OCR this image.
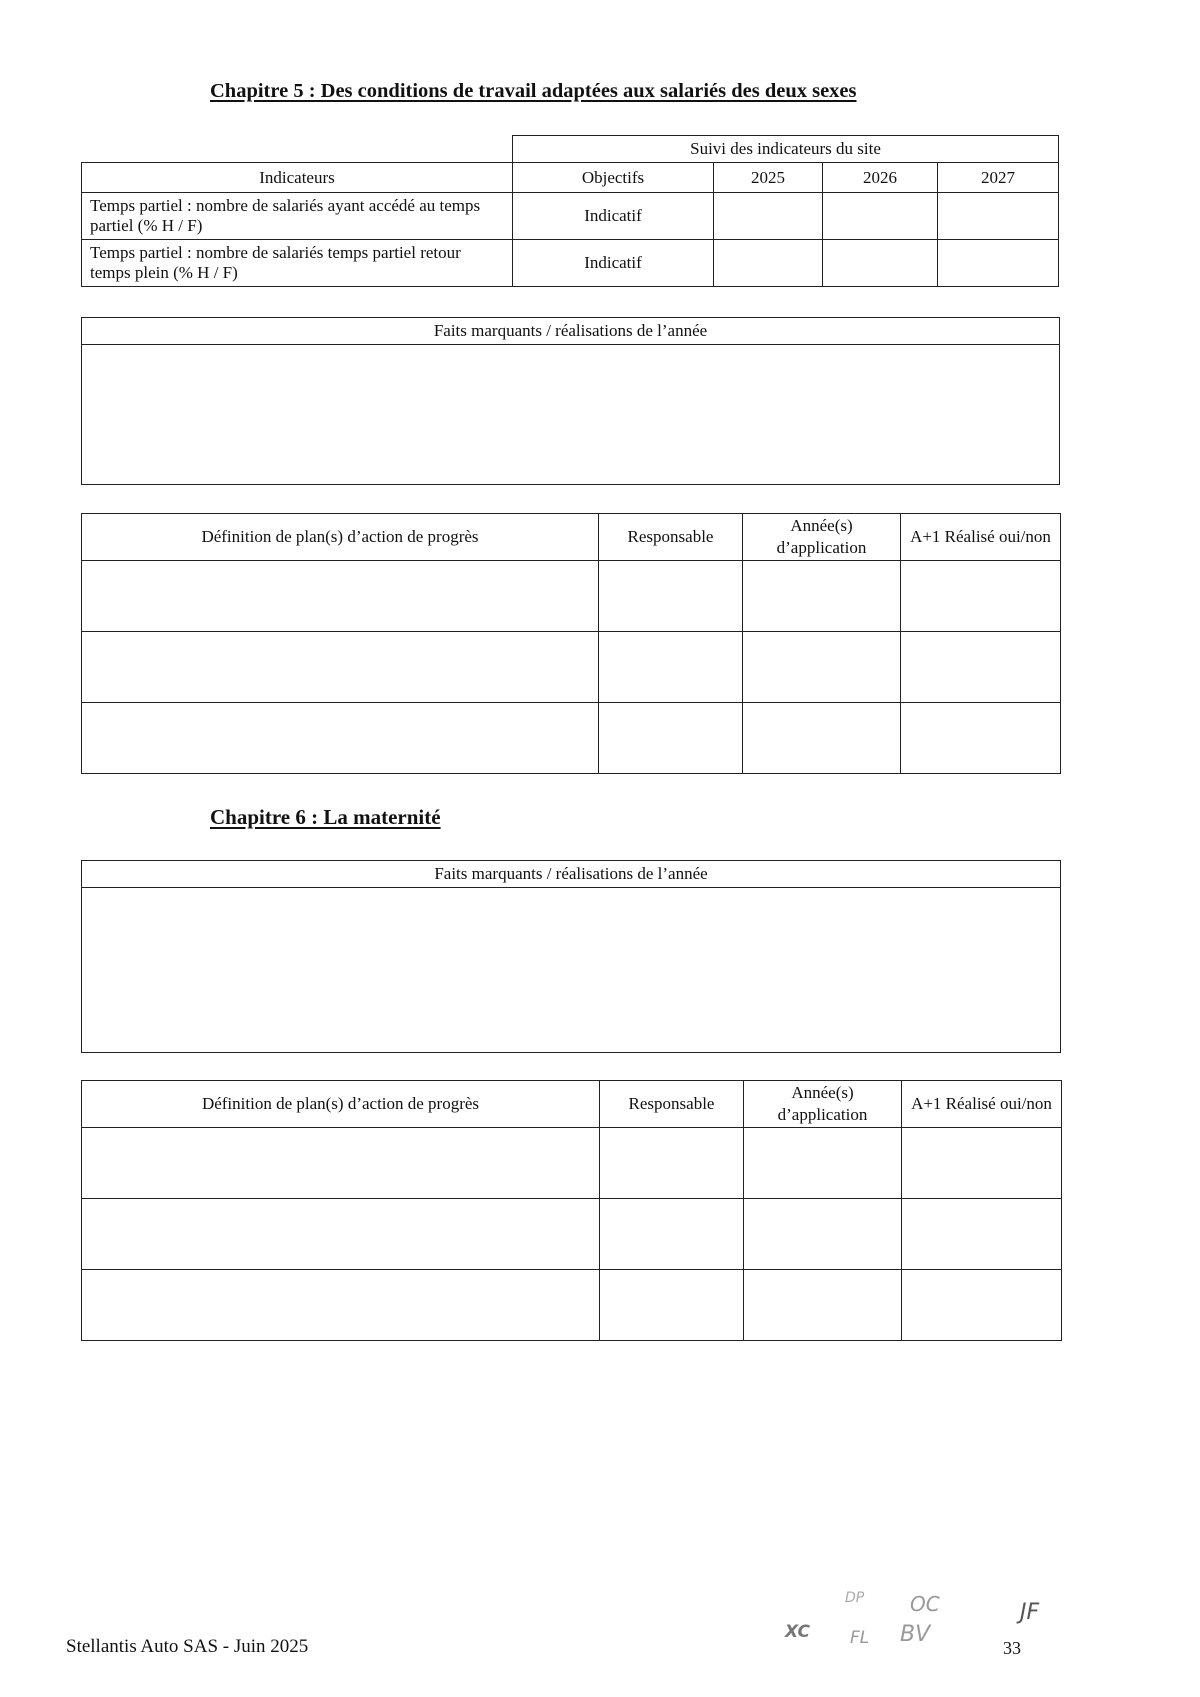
Chapitre 5 : Des conditions de travail adaptées aux salariés des deux sexes
	Suivi des indicateurs du site			
Indicateurs	Objectifs	2025	2026	2027
Temps partiel : nombre de salariés ayant accédé au temps partiel (% H / F)	Indicatif			
Temps partiel : nombre de salariés temps partiel retour temps plein (% H / F)	Indicatif			
Faits marquants / réalisations de l’année
Définition de plan(s) d’action de progrès	Responsable	Année(s) d’application	A+1 Réalisé oui/non

Chapitre 6 : La maternité
Faits marquants / réalisations de l’année
Définition de plan(s) d’action de progrès	Responsable	Année(s) d’application	A+1 Réalisé oui/non

Stellantis Auto SAS - Juin 2025
XC
DP OC
FL BV
JF
33
